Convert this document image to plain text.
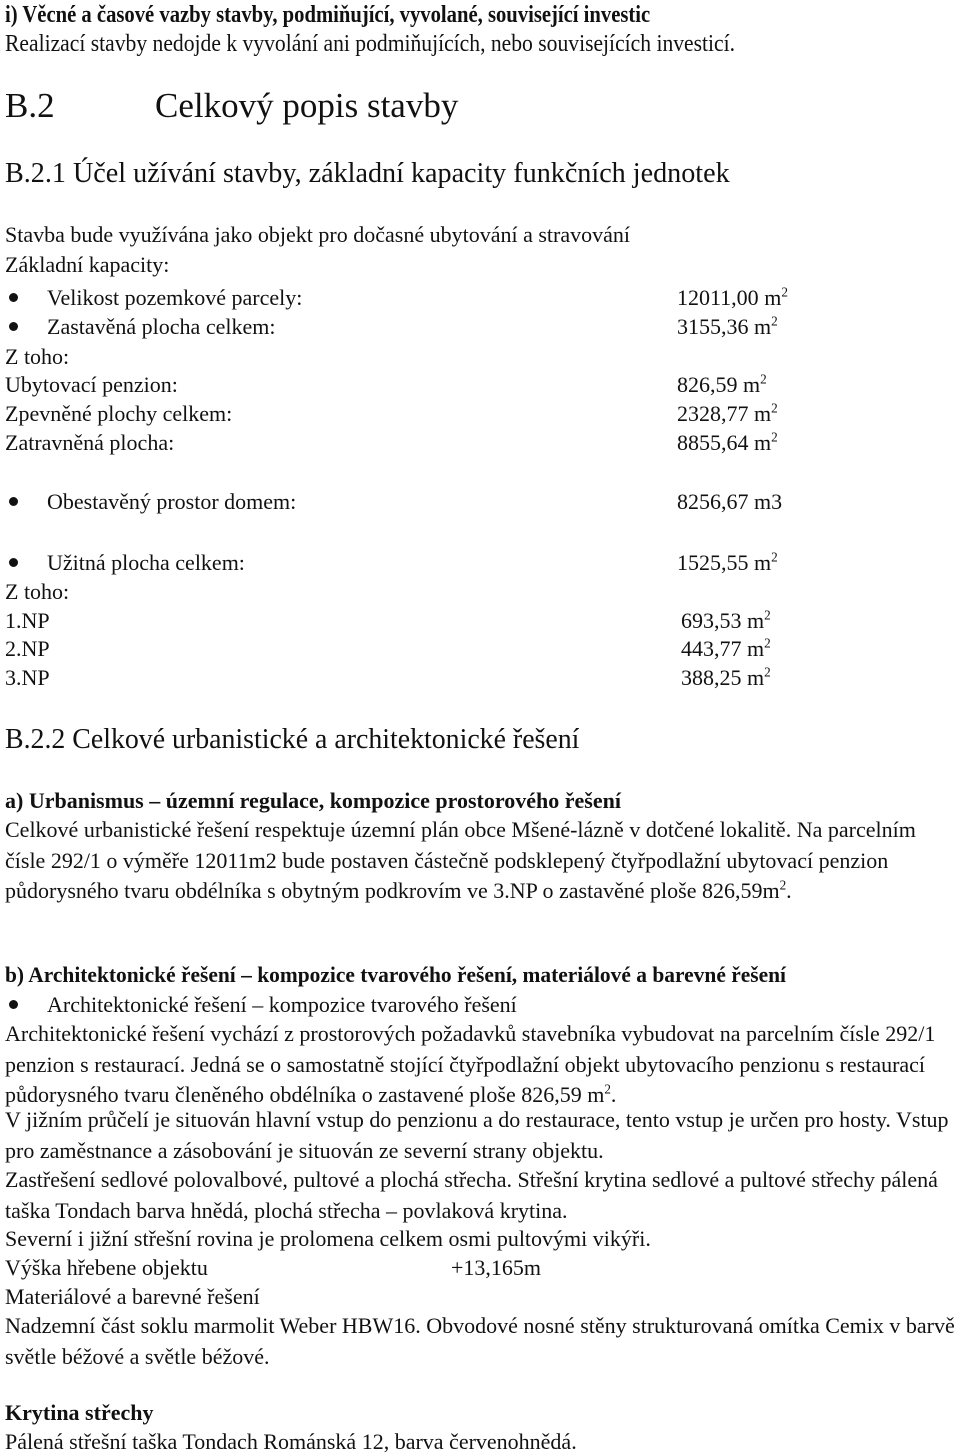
i) Věcné a časové vazby stavby, podmiňující, vyvolané, související investic
Realizací stavby nedojde k vyvolání ani podmiňujících, nebo souvisejících investicí.
B.2	Celkový popis stavby
B.2.1 Účel užívání stavby, základní kapacity funkčních jednotek
Stavba bude využívána jako objekt pro dočasné ubytování a stravování
Základní kapacity:
Velikost pozemkové parcely:	12011,00 $m^2$
Zastavěná plocha celkem:	3155,36 $m^2$
Z toho:
Ubytovací penzion:	826,59 $m^2$
Zpevněné plochy celkem:	2328,77 $m^2$
Zatravněná plocha:	8855,64 $m^2$
Obestavěný prostor domem:	8256,67 m3
Užitná plocha celkem:	1525,55 $m^2$
Z toho:
1.NP	693,53 $m^2$
2.NP	443,77 $m^2$
3.NP	388,25 $m^2$
B.2.2 Celkové urbanistické a architektonické řešení
a) Urbanismus – územní regulace, kompozice prostorového řešení
Celkové urbanistické řešení respektuje územní plán obce Mšené-lázně v dotčené lokalitě. Na parcelním čísle 292/1 o výměře 12011m2 bude postaven částečně podsklepený čtyřpodlažní ubytovací penzion půdorysného tvaru obdélníka s obytným podkrovím ve 3.NP o zastavěné ploše $826,59m^2$.
b) Architektonické řešení – kompozice tvarového řešení, materiálové a barevné řešení
Architektonické řešení – kompozice tvarového řešení
Architektonické řešení vychází z prostorových požadavků stavebníka vybudovat na parcelním čísle 292/1 penzion s restaurací. Jedná se o samostatně stojící čtyřpodlažní objekt ubytovacího penzionu s restaurací půdorysného tvaru členěného obdélníka o zastavené ploše 826,59 $m^2$.
V jižním průčelí je situován hlavní vstup do penzionu a do restaurace, tento vstup je určen pro hosty. Vstup pro zaměstnance a zásobování je situován ze severní strany objektu.
Zastřešení sedlové polovalbové, pultové a plochá střecha. Střešní krytina sedlové a pultové střechy pálená taška Tondach barva hnědá, plochá střecha – povlaková krytina.
Severní i jižní střešní rovina je prolomena celkem osmi pultovými vikýři.
Výška hřebene objektu	+13,165m
Materiálové a barevné řešení
Nadzemní část soklu marmolit Weber HBW16. Obvodové nosné stěny strukturovaná omítka Cemix v barvě světle béžové a světle béžové.
Krytina střechy
Pálená střešní taška Tondach Románská 12, barva červenohnědá.
